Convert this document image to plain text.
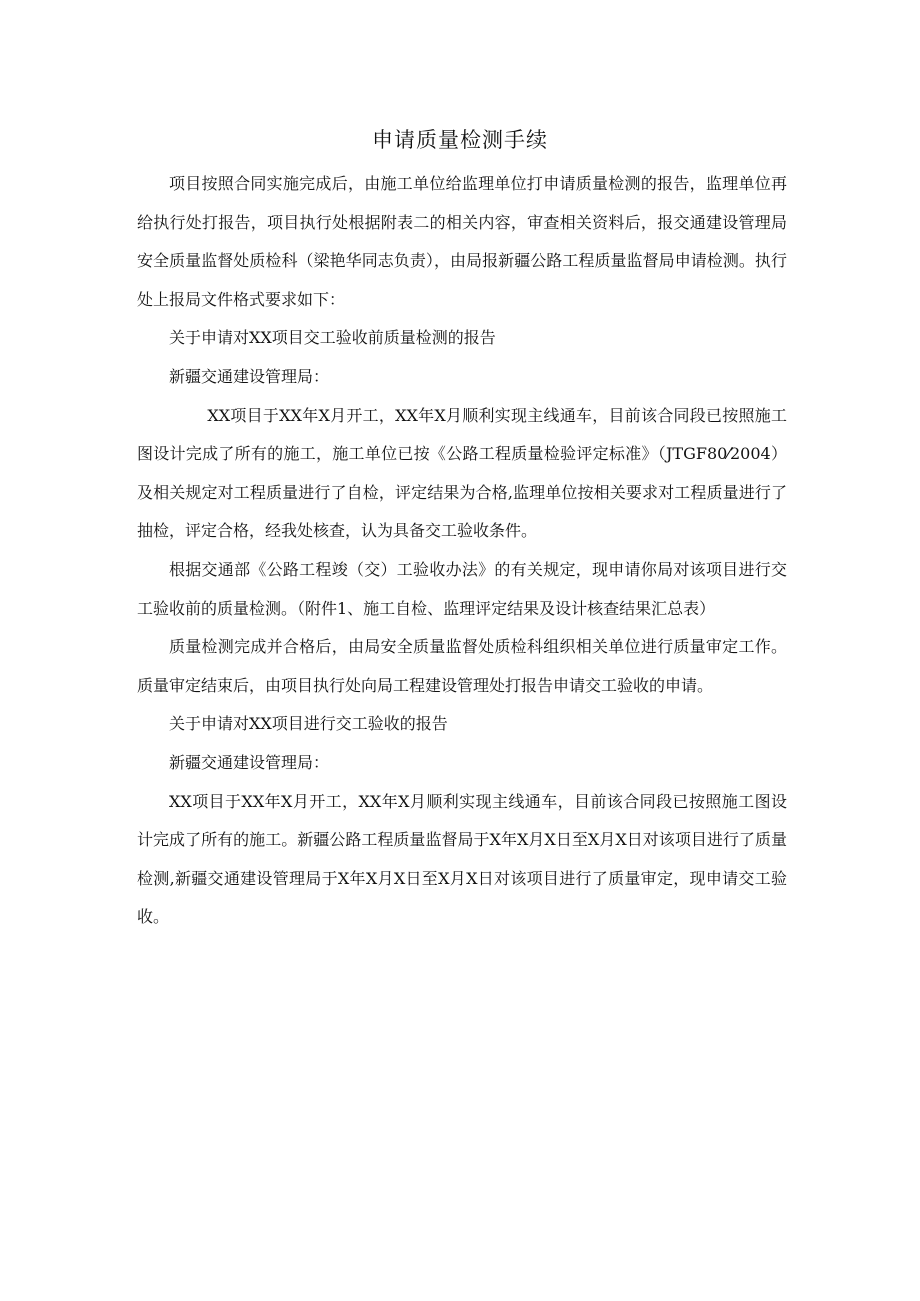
申请质量检测手续

项目按照合同实施完成后，由施工单位给监理单位打申请质量检测的报告，监理单位再给执行处打报告，项目执行处根据附表二的相关内容，审查相关资料后，报交通建设管理局安全质量监督处质检科（梁艳华同志负责），由局报新疆公路工程质量监督局申请检测。执行处上报局文件格式要求如下：

关于申请对XX项目交工验收前质量检测的报告

新疆交通建设管理局：

XX项目于XX年X月开工，XX年X月顺利实现主线通车，目前该合同段已按照施工图设计完成了所有的施工，施工单位已按《公路工程质量检验评定标准》（JTGF80⁄2004）及相关规定对工程质量进行了自检，评定结果为合格,监理单位按相关要求对工程质量进行了抽检，评定合格，经我处核查，认为具备交工验收条件。

根据交通部《公路工程竣（交）工验收办法》的有关规定，现申请你局对该项目进行交工验收前的质量检测。（附件1、施工自检、监理评定结果及设计核查结果汇总表）

质量检测完成并合格后，由局安全质量监督处质检科组织相关单位进行质量审定工作。质量审定结束后，由项目执行处向局工程建设管理处打报告申请交工验收的申请。

关于申请对XX项目进行交工验收的报告

新疆交通建设管理局：

XX项目于XX年X月开工，XX年X月顺利实现主线通车，目前该合同段已按照施工图设计完成了所有的施工。新疆公路工程质量监督局于X年X月X日至X月X日对该项目进行了质量检测,新疆交通建设管理局于X年X月X日至X月X日对该项目进行了质量审定，现申请交工验收。
